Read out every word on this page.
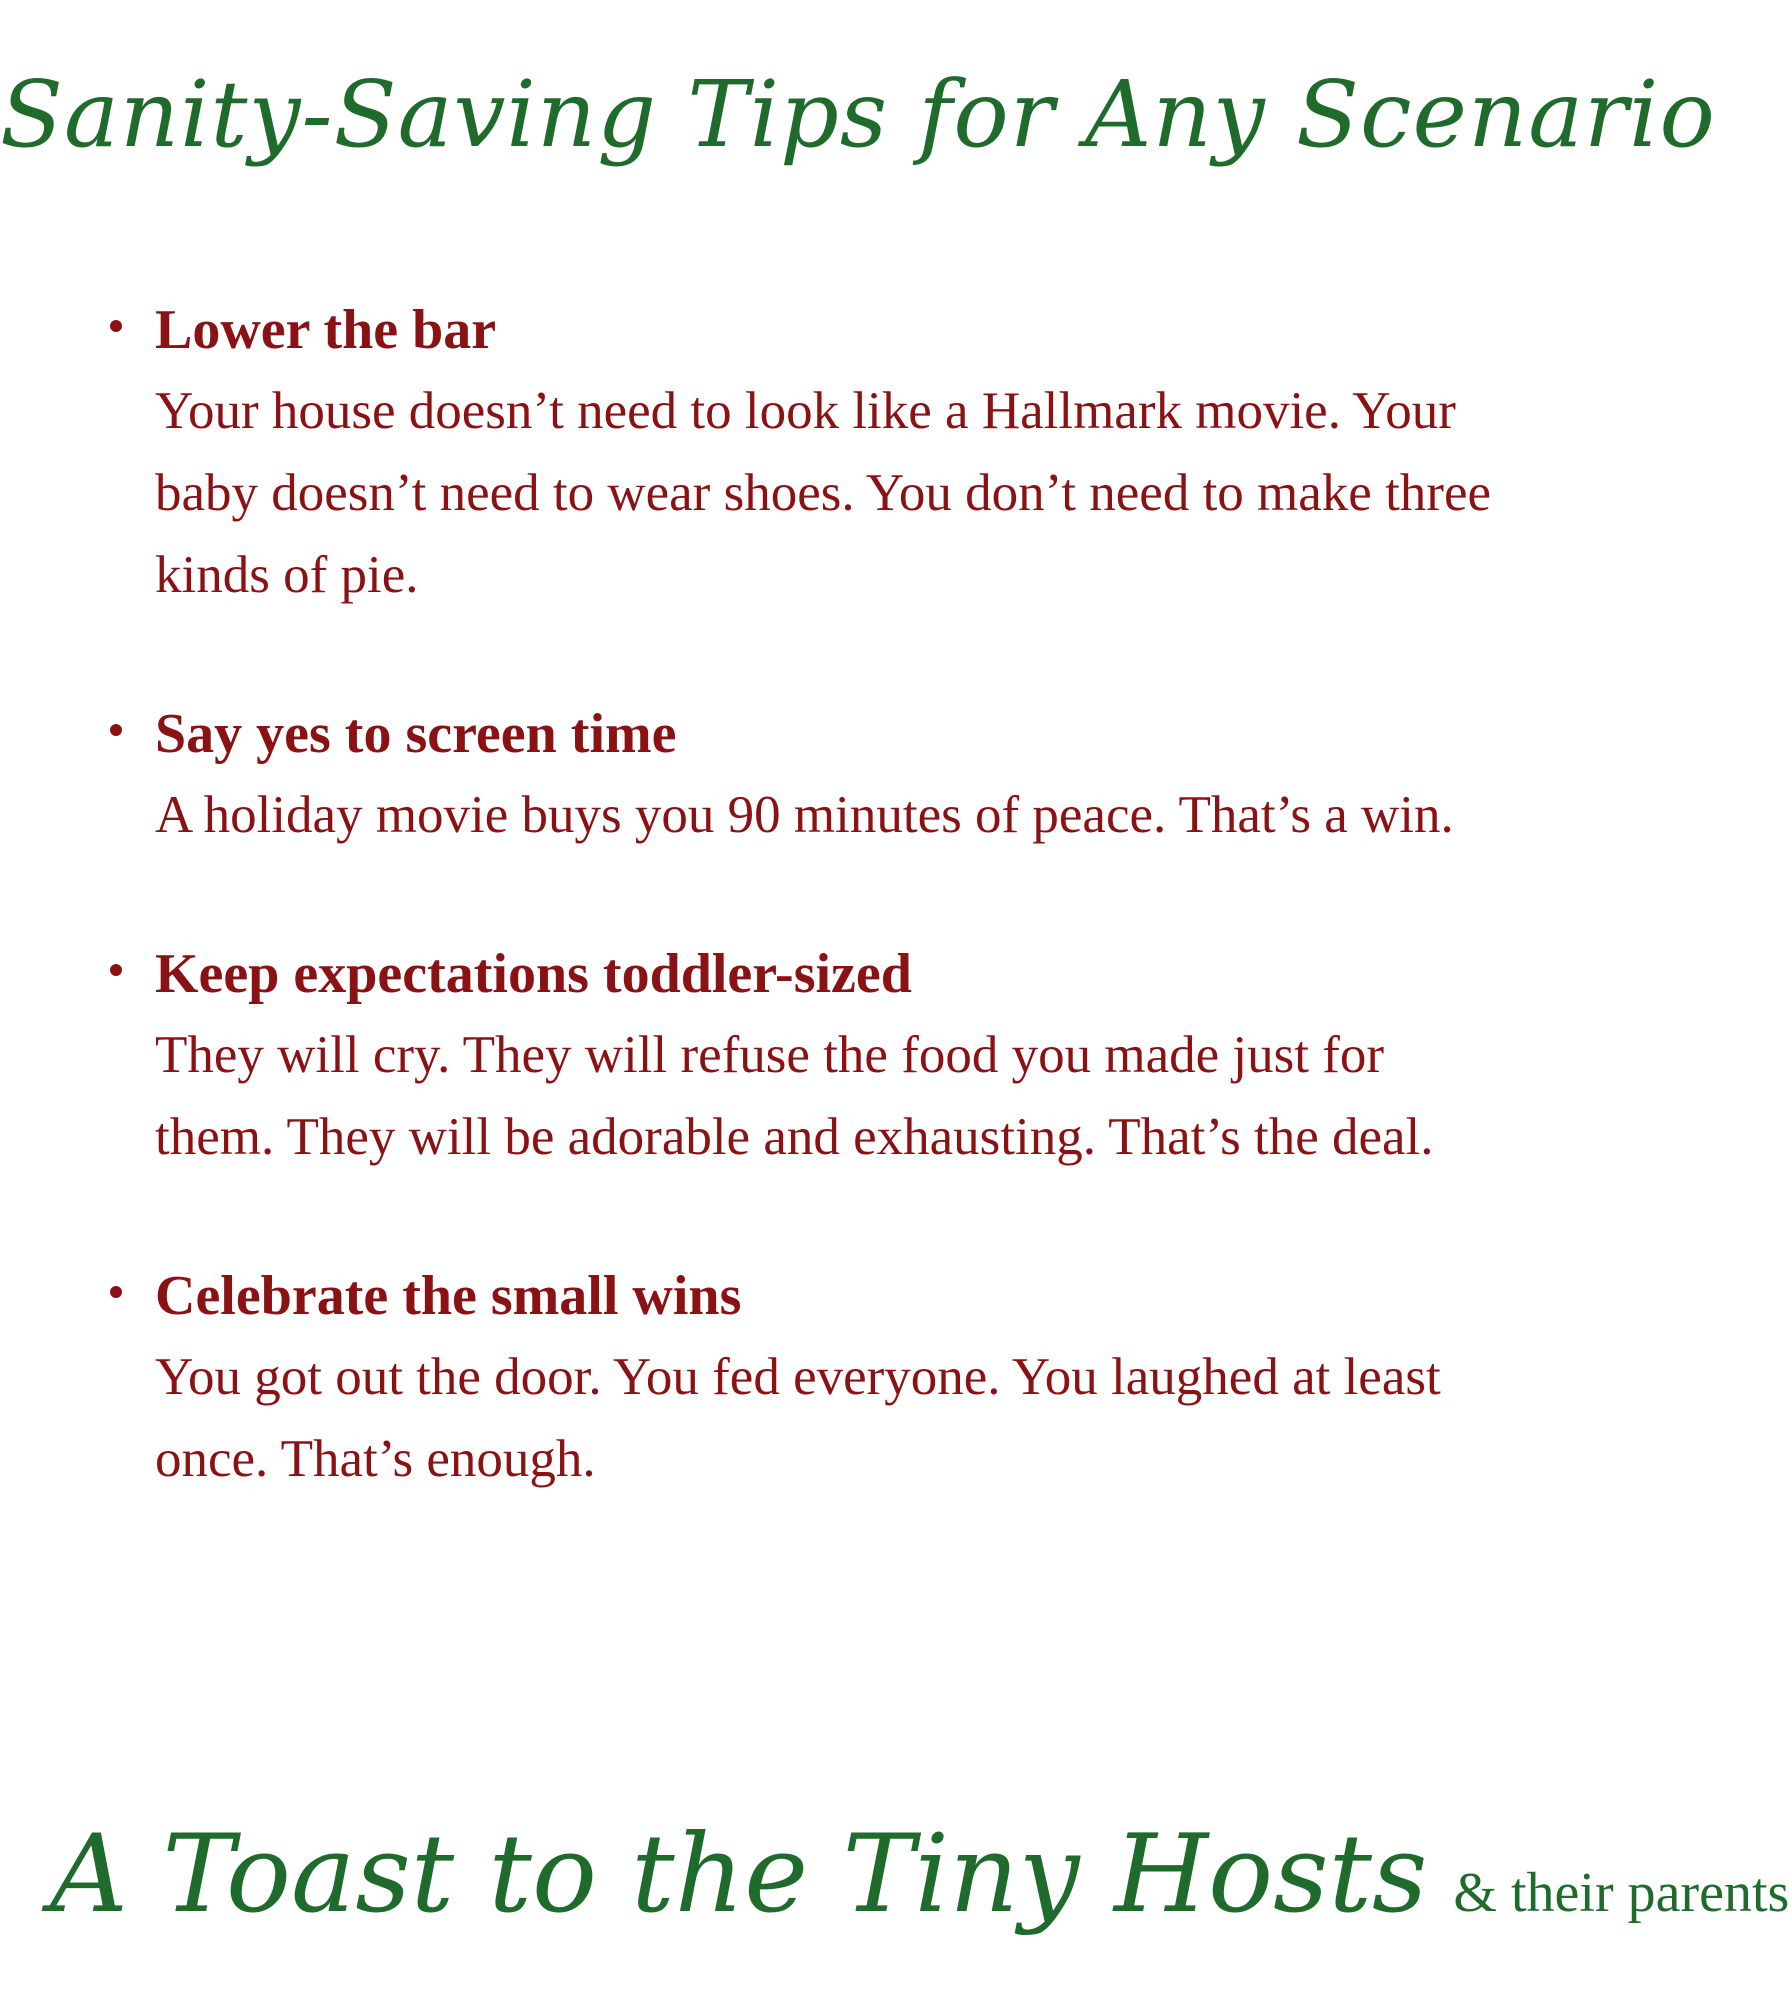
Sanity-Saving Tips for Any Scenario
Lower the bar
Your house doesn’t need to look like a Hallmark movie. Your baby doesn’t need to wear shoes. You don’t need to make three kinds of pie.
Say yes to screen time
A holiday movie buys you 90 minutes of peace. That’s a win.
Keep expectations toddler-sized
They will cry. They will refuse the food you made just for them. They will be adorable and exhausting. That’s the deal.
Celebrate the small wins
You got out the door. You fed everyone. You laughed at least once. That’s enough.
A Toast to the Tiny Hosts & their parents
